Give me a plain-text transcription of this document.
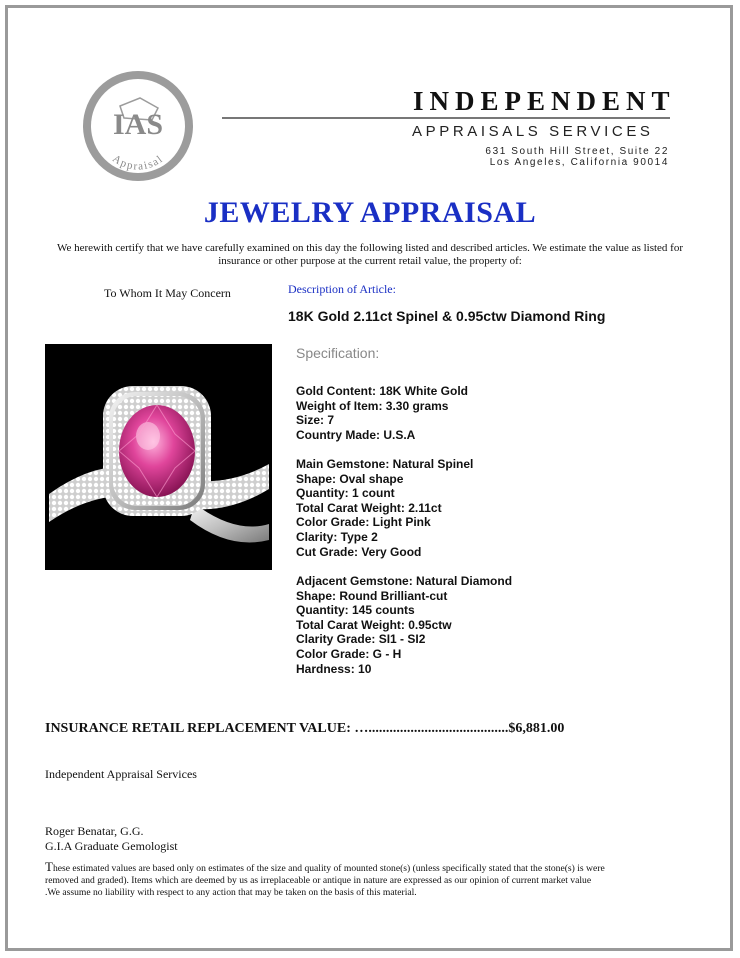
IAS
Appraisal
INDEPENDENT
APPRAISALS SERVICES
631 South Hill Street, Suite 22
Los Angeles, California 90014
JEWELRY APPRAISAL
We herewith certify that we have carefully examined on this day the following listed and described articles. We estimate the value as listed for insurance or other purpose at the current retail value, the property of:
To Whom It May Concern	Description of Article:
18K Gold 2.11ct Spinel & 0.95ctw Diamond Ring
Specification:
Gold Content: 18K White Gold
Weight of Item: 3.30 grams
Size: 7
Country Made: U.S.A
Main Gemstone: Natural Spinel
Shape: Oval shape
Quantity: 1 count
Total Carat Weight: 2.11ct
Color Grade: Light Pink
Clarity: Type 2
Cut Grade: Very Good
Adjacent Gemstone: Natural Diamond
Shape: Round Brilliant-cut
Quantity: 145 counts
Total Carat Weight: 0.95ctw
Clarity Grade: SI1 - SI2
Color Grade: G - H
Hardness: 10
INSURANCE RETAIL REPLACEMENT VALUE: …........................................$6,881.00
Independent Appraisal Services
Roger Benatar, G.G.
G.I.A Graduate Gemologist
These estimated values are based only on estimates of the size and quality of mounted stone(s) (unless specifically stated that the stone(s) is were removed and graded). Items which are deemed by us as irreplaceable or antique in nature are expressed as our opinion of current market value .We assume no liability with respect to any action that may be taken on the basis of this material.
